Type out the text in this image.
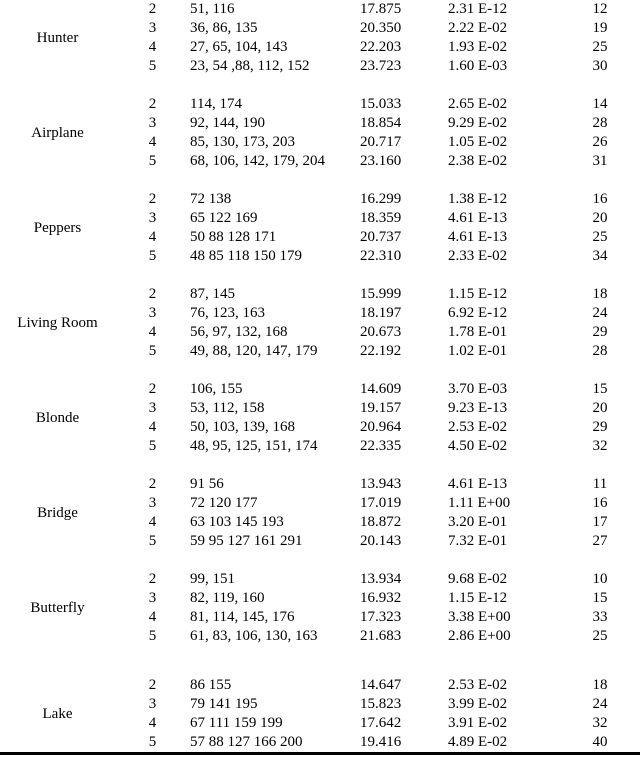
Hunter	2	51, 116	17.875	2.31 E-12	12
	3	36, 86, 135	20.350	2.22 E-02	19
	4	27, 65, 104, 143	22.203	1.93 E-02	25
	5	23, 54 ,88, 112, 152	23.723	1.60 E-03	30

Airplane	2	114, 174	15.033	2.65 E-02	14
	3	92, 144, 190	18.854	9.29 E-02	28
	4	85, 130, 173, 203	20.717	1.05 E-02	26
	5	68, 106, 142, 179, 204	23.160	2.38 E-02	31

Peppers	2	72 138	16.299	1.38 E-12	16
	3	65 122 169	18.359	4.61 E-13	20
	4	50 88 128 171	20.737	4.61 E-13	25
	5	48 85 118 150 179	22.310	2.33 E-02	34

Living Room	2	87, 145	15.999	1.15 E-12	18
	3	76, 123, 163	18.197	6.92 E-12	24
	4	56, 97, 132, 168	20.673	1.78 E-01	29
	5	49, 88, 120, 147, 179	22.192	1.02 E-01	28

Blonde	2	106, 155	14.609	3.70 E-03	15
	3	53, 112, 158	19.157	9.23 E-13	20
	4	50, 103, 139, 168	20.964	2.53 E-02	29
	5	48, 95, 125, 151, 174	22.335	4.50 E-02	32

Bridge	2	91 56	13.943	4.61 E-13	11
	3	72 120 177	17.019	1.11 E+00	16
	4	63 103 145 193	18.872	3.20 E-01	17
	5	59 95 127 161 291	20.143	7.32 E-01	27

Butterfly	2	99, 151	13.934	9.68 E-02	10
	3	82, 119, 160	16.932	1.15 E-12	15
	4	81, 114, 145, 176	17.323	3.38 E+00	33
	5	61, 83, 106, 130, 163	21.683	2.86 E+00	25

Lake	2	86 155	14.647	2.53 E-02	18
	3	79 141 195	15.823	3.99 E-02	24
	4	67 111 159 199	17.642	3.91 E-02	32
	5	57 88 127 166 200	19.416	4.89 E-02	40
